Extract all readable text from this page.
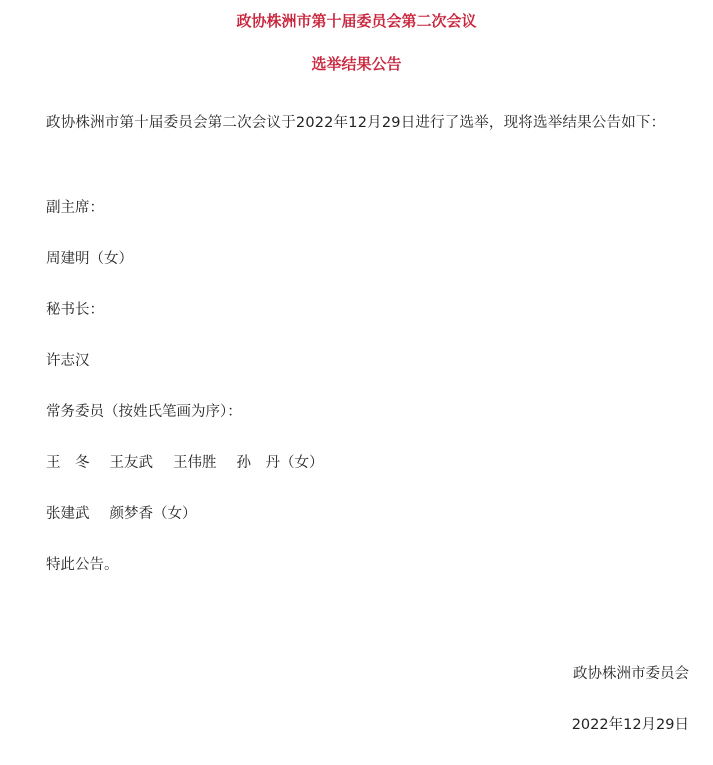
政协株洲市第十届委员会第二次会议
选举结果公告

政协株洲市第十届委员会第二次会议于2022年12月29日进行了选举，现将选举结果公告如下：

副主席：

周建明（女）

秘书长：

许志汉

常务委员（按姓氏笔画为序）：

王　冬 王友武 王伟胜 孙　丹（女）

张建武 颜梦香（女）

特此公告。

政协株洲市委员会

2022年12月29日
